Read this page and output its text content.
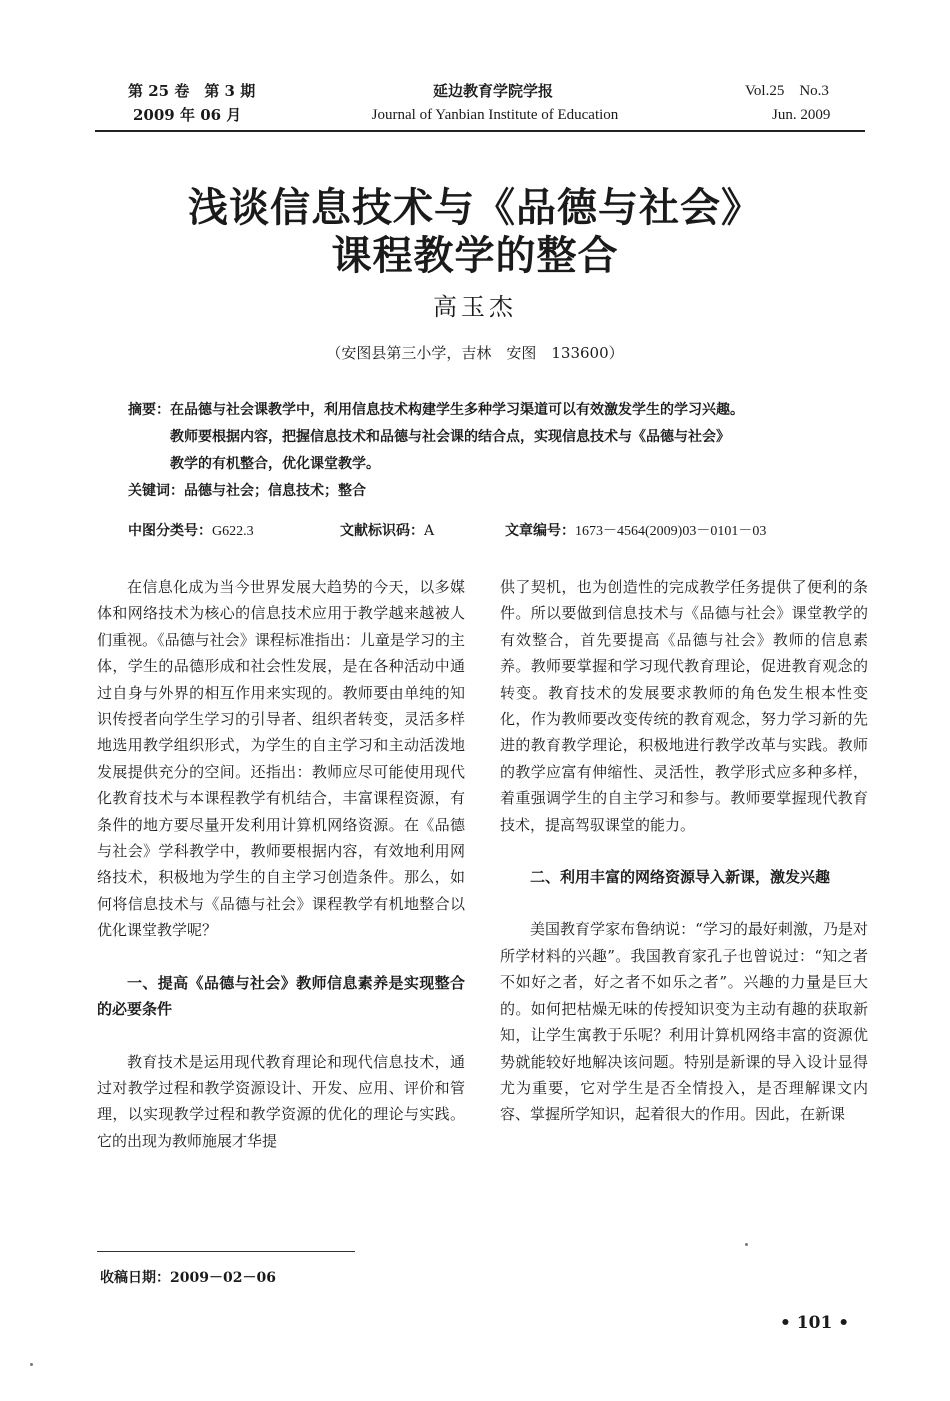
第 25 卷　第 3 期
2009 年 06 月
延边教育学院学报
Journal of Yanbian Institute of Education
Vol.25　No.3
Jun. 2009
浅谈信息技术与《品德与社会》
课程教学的整合
高玉杰
（安图县第三小学，吉林　安图　133600）
摘要：在品德与社会课教学中，利用信息技术构建学生多种学习渠道可以有效激发学生的学习兴趣。
教师要根据内容，把握信息技术和品德与社会课的结合点，实现信息技术与《品德与社会》
教学的有机整合，优化课堂教学。
关键词：品德与社会；信息技术；整合
中图分类号：G622.3	文献标识码：A	文章编号：1673－4564(2009)03－0101－03

在信息化成为当今世界发展大趋势的今天，以多媒体和网络技术为核心的信息技术应用于教学越来越被人们重视。《品德与社会》课程标准指出：儿童是学习的主体，学生的品德形成和社会性发展，是在各种活动中通过自身与外界的相互作用来实现的。教师要由单纯的知识传授者向学生学习的引导者、组织者转变，灵活多样地选用教学组织形式，为学生的自主学习和主动活泼地发展提供充分的空间。还指出：教师应尽可能使用现代化教育技术与本课程教学有机结合，丰富课程资源，有条件的地方要尽量开发利用计算机网络资源。在《品德与社会》学科教学中，教师要根据内容，有效地利用网络技术，积极地为学生的自主学习创造条件。那么，如何将信息技术与《品德与社会》课程教学有机地整合以优化课堂教学呢？

一、提高《品德与社会》教师信息素养是实现整合的必要条件

教育技术是运用现代教育理论和现代信息技术，通过对教学过程和教学资源设计、开发、应用、评价和管理，以实现教学过程和教学资源的优化的理论与实践。它的出现为教师施展才华提

供了契机，也为创造性的完成教学任务提供了便利的条件。所以要做到信息技术与《品德与社会》课堂教学的有效整合，首先要提高《品德与社会》教师的信息素养。教师要掌握和学习现代教育理论，促进教育观念的转变。教育技术的发展要求教师的角色发生根本性变化，作为教师要改变传统的教育观念，努力学习新的先进的教育教学理论，积极地进行教学改革与实践。教师的教学应富有伸缩性、灵活性，教学形式应多种多样，着重强调学生的自主学习和参与。教师要掌握现代教育技术，提高驾驭课堂的能力。

二、利用丰富的网络资源导入新课，激发兴趣

美国教育学家布鲁纳说：“学习的最好刺激，乃是对所学材料的兴趣”。我国教育家孔子也曾说过：“知之者不如好之者，好之者不如乐之者”。兴趣的力量是巨大的。如何把枯燥无味的传授知识变为主动有趣的获取新知，让学生寓教于乐呢？利用计算机网络丰富的资源优势就能较好地解决该问题。特别是新课的导入设计显得尤为重要，它对学生是否全情投入，是否理解课文内容、掌握所学知识，起着很大的作用。因此，在新课

收稿日期：2009－02－06
• 101 •
